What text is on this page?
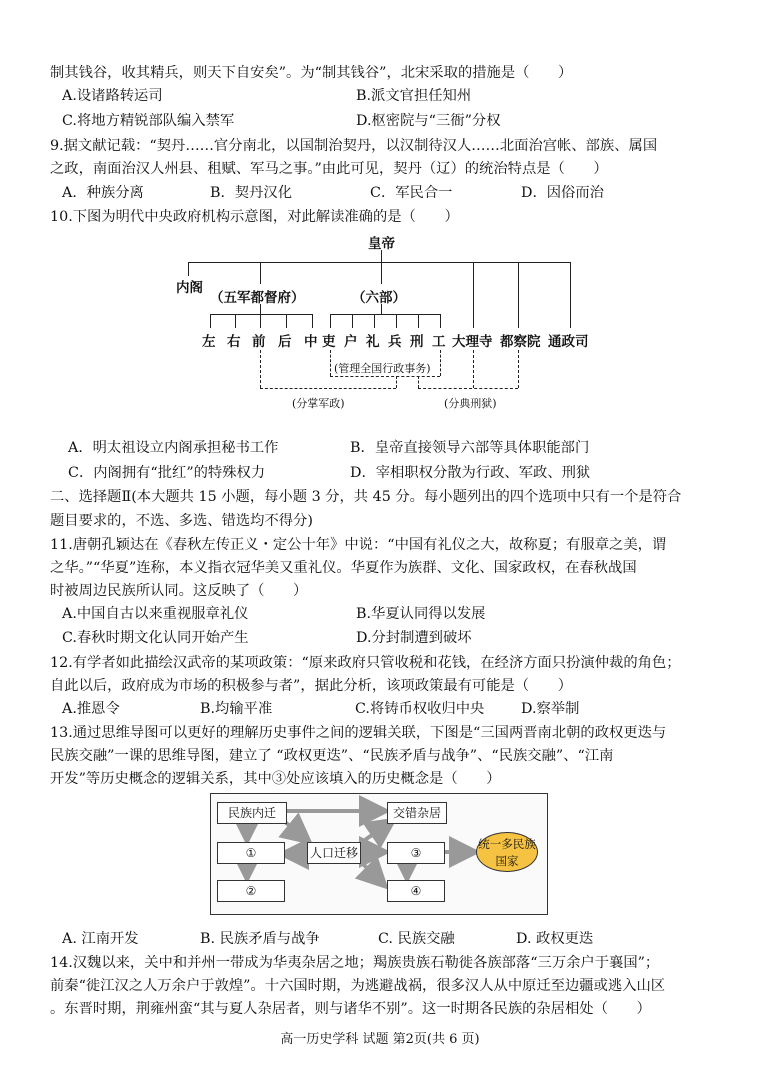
制其钱谷，收其精兵，则天下自安矣”。为“制其钱谷”，北宋采取的措施是（　　）
A.设诸路转运司	B.派文官担任知州
C.将地方精锐部队编入禁军	D.枢密院与“三衙”分权
9.据文献记载：“契丹……官分南北，以国制治契丹，以汉制待汉人……北面治宫帐、部族、属国
之政，南面治汉人州县、租赋、军马之事。”由此可见，契丹（辽）的统治特点是（　　）
A．种族分离	B．契丹汉化	C．军民合一	D．因俗而治
10.下图为明代中央政府机构示意图，对此解读准确的是（　　）
皇帝
内阁
（五军都督府）	（六部）
左 右 前 后 中 吏 户 礼 兵 刑 工 大理寺 都察院 通政司
(管理全国行政事务)
(分掌军政)	(分典刑狱)
A．明太祖设立内阁承担秘书工作	B．皇帝直接领导六部等具体职能部门
C．内阁拥有“批红”的特殊权力	D．宰相职权分散为行政、军政、刑狱
二、选择题Ⅱ(本大题共 15 小题，每小题 3 分，共 45 分。每小题列出的四个选项中只有一个是符合
题目要求的，不选、多选、错选均不得分)
11.唐朝孔颖达在《春秋左传正义・定公十年》中说：“中国有礼仪之大，故称夏；有服章之美，谓
之华。”“华夏”连称，本义指衣冠华美又重礼仪。华夏作为族群、文化、国家政权，在春秋战国
时被周边民族所认同。这反映了（　　）
A.中国自古以来重视服章礼仪	B.华夏认同得以发展
C.春秋时期文化认同开始产生	D.分封制遭到破坏
12.有学者如此描绘汉武帝的某项政策：“原来政府只管收税和花钱，在经济方面只扮演仲裁的角色；
自此以后，政府成为市场的积极参与者”，据此分析，该项政策最有可能是（　　）
A.推恩令	B.均输平准	C.将铸币权收归中央	D.察举制
13.通过思维导图可以更好的理解历史事件之间的逻辑关联，下图是“三国两晋南北朝的政权更迭与
民族交融”一课的思维导图，建立了 “政权更迭”、“民族矛盾与战争”、“民族交融”、“江南
开发”等历史概念的逻辑关系，其中③处应该填入的历史概念是（　　）
民族内迁	交错杂居
①
②
人口迁移	③
④
统一多民族国家
A. 江南开发	B. 民族矛盾与战争	C. 民族交融	D. 政权更迭
14.汉魏以来，关中和并州一带成为华夷杂居之地；羯族贵族石勒徙各族部落“三万余户于襄国”；
前秦“徙江汉之人万余户于敦煌”。十六国时期，为逃避战祸，很多汉人从中原迁至边疆或逃入山区
。东晋时期，荆雍州蛮“其与夏人杂居者，则与诸华不别”。这一时期各民族的杂居相处（　　）
高一历史学科 试题 第2页(共 6 页)
